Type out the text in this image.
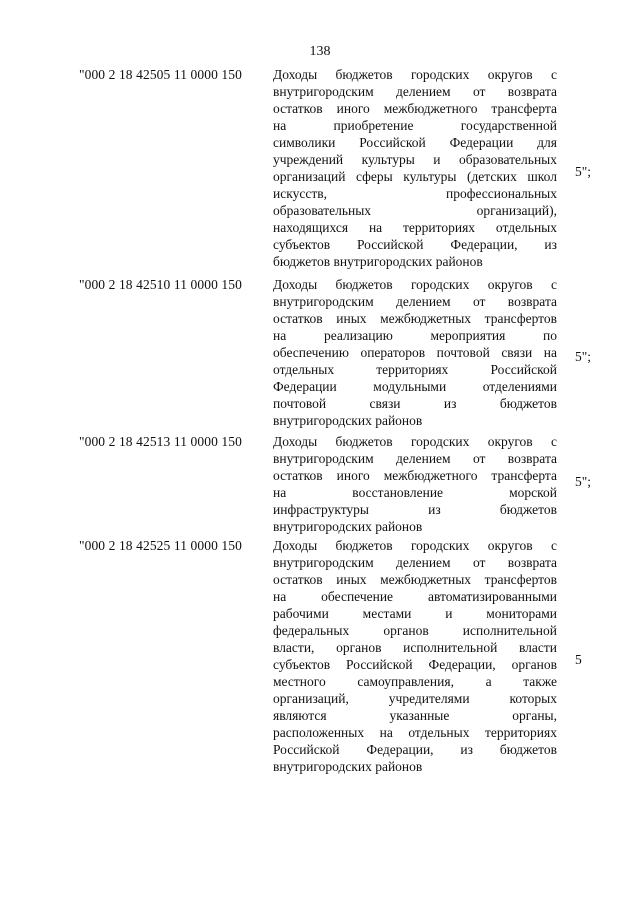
138
"000 2 18 42505 11 0000 150 Доходы бюджетов городских округов с
внутригородским делением от возврата
остатков иного межбюджетного трансферта
на приобретение государственной
символики Российской Федерации для
учреждений культуры и образовательных
организаций сферы культуры (детских школ
искусств, профессиональных
образовательных организаций),
находящихся на территориях отдельных
субъектов Российской Федерации, из
бюджетов внутригородских районов
5";
"000 2 18 42510 11 0000 150 Доходы бюджетов городских округов с
внутригородским делением от возврата
остатков иных межбюджетных трансфертов
на реализацию мероприятия по
обеспечению операторов почтовой связи на
отдельных территориях Российской
Федерации модульными отделениями
почтовой связи из бюджетов
внутригородских районов
5";
"000 2 18 42513 11 0000 150 Доходы бюджетов городских округов с
внутригородским делением от возврата
остатков иного межбюджетного трансферта
на восстановление морской
инфраструктуры из бюджетов
внутригородских районов
5";
"000 2 18 42525 11 0000 150 Доходы бюджетов городских округов с
внутригородским делением от возврата
остатков иных межбюджетных трансфертов
на обеспечение автоматизированными
рабочими местами и мониторами
федеральных органов исполнительной
власти, органов исполнительной власти
субъектов Российской Федерации, органов
местного самоуправления, а также
организаций, учредителями которых
являются указанные органы,
расположенных на отдельных территориях
Российской Федерации, из бюджетов
внутригородских районов
5
